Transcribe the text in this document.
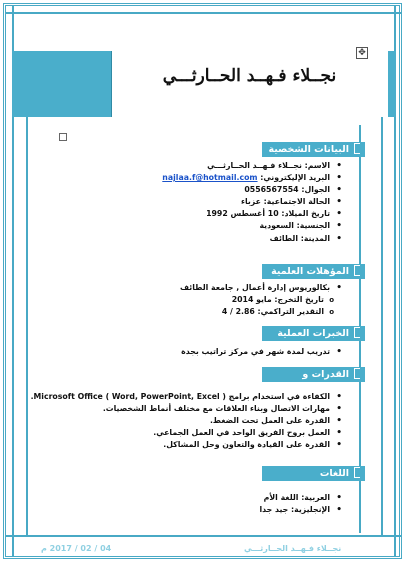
نجــلاء فـهــد الحــارثـــي
✥
البيانات الشخصية
• الاسم: نجــلاء فـهــد الحــارثـــي
• البريد الإليكتروني: najlaa.f@hotmail.com
• الجوال: 0556567554
• الحالة الاجتماعية: عزباء
• تاريخ الميلاد: 10 أغسطس 1992
• الجنسية: السعودية
• المدينة: الطائف
المؤهلات العلمية
• بكالوريوس إدارة أعمال , جامعة الطائف
o تاريخ التخرج: مايو 2014
o التقدير التراكمي: 2.86 / 4
الخبرات العملية
• تدريب لمدة شهر في مركز تراتيب بجدة
القدرات و المهارات
• الكفاءة في استخدام برامج Microsoft Office ( Word, PowerPoint, Excel ).
• مهارات الاتصال وبناء العلاقات مع مختلف أنماط الشخصيات.
• القدرة على العمل تحت الضغط.
• العمل بروح الفريق الواحد في العمل الجماعي.
• القدرة على القيادة والتعاون وحل المشاكل.
اللغات
• العربية: اللغة الأم
• الإنجليزية: جيد جدا
نجــلاء فـهــد الحــارثـــي
04 / 02 / 2017 م
